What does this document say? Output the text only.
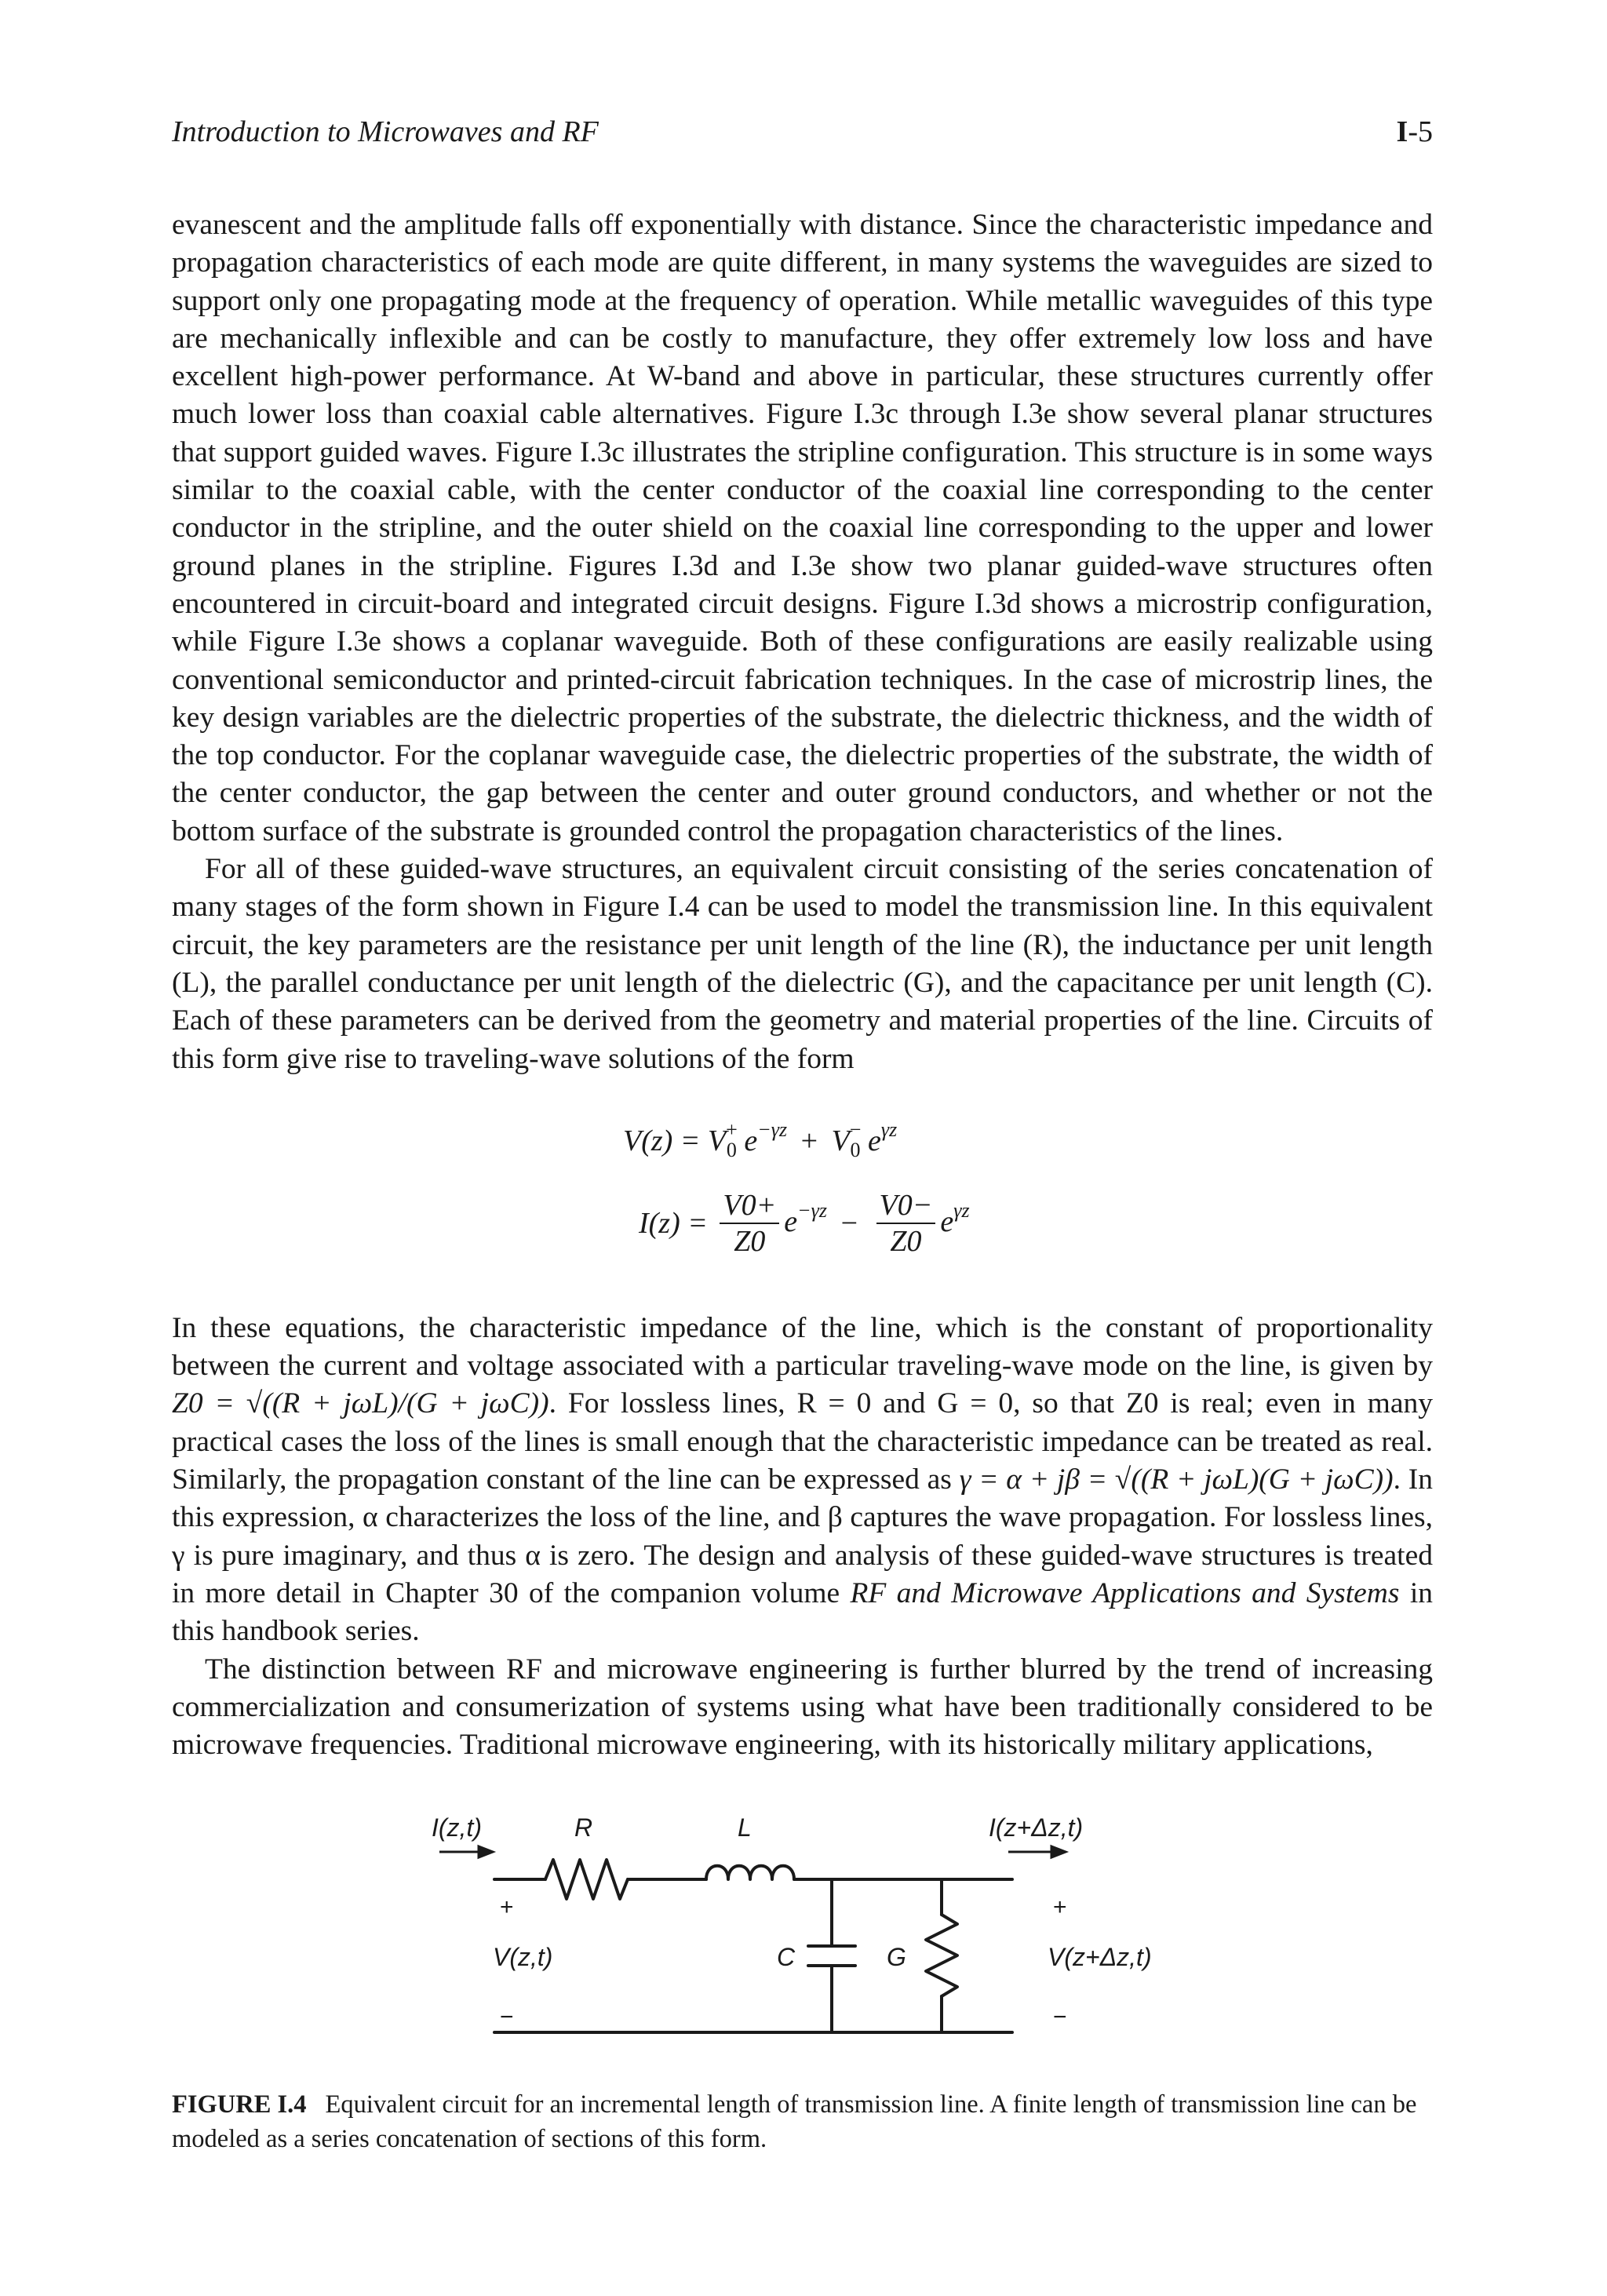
Introduction to Microwaves and RF	I-5

evanescent and the amplitude falls off exponentially with distance. Since the characteristic impedance and propagation characteristics of each mode are quite different, in many systems the waveguides are sized to support only one propagating mode at the frequency of operation. While metallic waveguides of this type are mechanically inflexible and can be costly to manufacture, they offer extremely low loss and have excellent high-power performance. At W-band and above in particular, these structures currently offer much lower loss than coaxial cable alternatives. Figure I.3c through I.3e show several planar structures that support guided waves. Figure I.3c illustrates the stripline configuration. This structure is in some ways similar to the coaxial cable, with the center conductor of the coaxial line corresponding to the center conductor in the stripline, and the outer shield on the coaxial line corresponding to the upper and lower ground planes in the stripline. Figures I.3d and I.3e show two planar guided-wave structures often encountered in circuit-board and integrated circuit designs. Figure I.3d shows a microstrip configuration, while Figure I.3e shows a coplanar waveguide. Both of these configurations are easily realizable using conventional semiconductor and printed-circuit fabrication techniques. In the case of microstrip lines, the key design variables are the dielectric properties of the substrate, the dielectric thickness, and the width of the top conductor. For the coplanar waveguide case, the dielectric properties of the substrate, the width of the center conductor, the gap between the center and outer ground conductors, and whether or not the bottom surface of the substrate is grounded control the propagation characteristics of the lines.

For all of these guided-wave structures, an equivalent circuit consisting of the series concatenation of many stages of the form shown in Figure I.4 can be used to model the transmission line. In this equivalent circuit, the key parameters are the resistance per unit length of the line (R), the inductance per unit length (L), the parallel conductance per unit length of the dielectric (G), and the capacitance per unit length (C). Each of these parameters can be derived from the geometry and material properties of the line. Circuits of this form give rise to traveling-wave solutions of the form

$V(z) = V^+_0$ $e^{-\gamma z} + V^-_0$ $e^{\gamma z}$
$I(z) = \frac{V0+}{Z0} e^{-\gamma z} - \frac{V0-}{Z0} e^{\gamma z}$

In these equations, the characteristic impedance of the line, which is the constant of proportionality between the current and voltage associated with a particular traveling-wave mode on the line, is given by Z0 = √((R + jωL)/(G + jωC)). For lossless lines, R = 0 and G = 0, so that Z0 is real; even in many practical cases the loss of the lines is small enough that the characteristic impedance can be treated as real. Similarly, the propagation constant of the line can be expressed as γ = α + jβ = √((R + jωL)(G + jωC)). In this expression, α characterizes the loss of the line, and β captures the wave propagation. For lossless lines, γ is pure imaginary, and thus α is zero. The design and analysis of these guided-wave structures is treated in more detail in Chapter 30 of the companion volume RF and Microwave Applications and Systems in this handbook series.

The distinction between RF and microwave engineering is further blurred by the trend of increasing commercialization and consumerization of systems using what have been traditionally considered to be microwave frequencies. Traditional microwave engineering, with its historically military applications,

I(z,t)	R	L	I(z+Δz,t)
V(z,t)	C	G	V(z+Δz,t)
+	+
−	−
FIGURE I.4 Equivalent circuit for an incremental length of transmission line. A finite length of transmission line can be modeled as a series concatenation of sections of this form.
